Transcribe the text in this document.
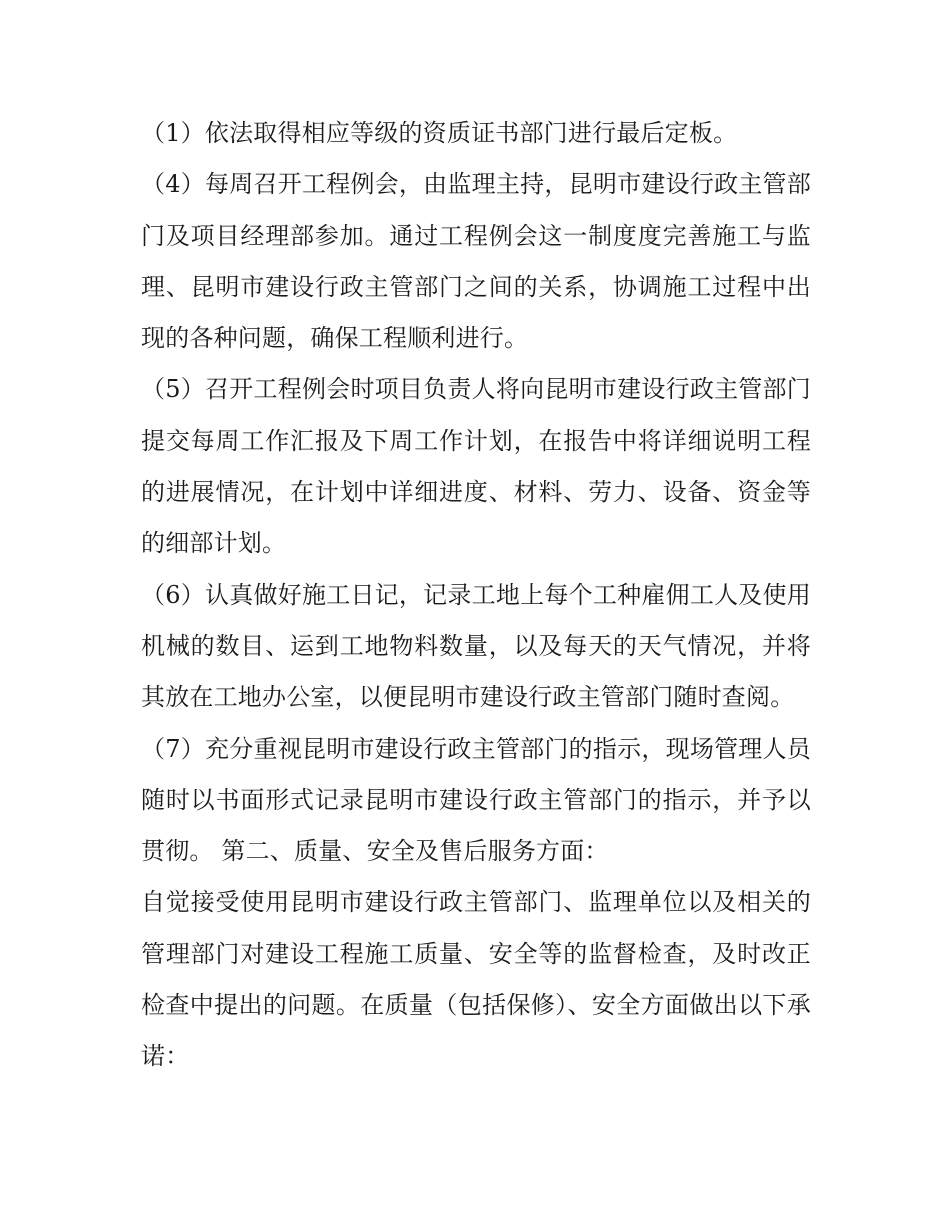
（1）依法取得相应等级的资质证书部门进行最后定板。

（4）每周召开工程例会，由监理主持，昆明市建设行政主管部门及项目经理部参加。通过工程例会这一制度度完善施工与监理、昆明市建设行政主管部门之间的关系，协调施工过程中出现的各种问题，确保工程顺利进行。

（5）召开工程例会时项目负责人将向昆明市建设行政主管部门提交每周工作汇报及下周工作计划，在报告中将详细说明工程的进展情况，在计划中详细进度、材料、劳力、设备、资金等的细部计划。

（6）认真做好施工日记，记录工地上每个工种雇佣工人及使用机械的数目、运到工地物料数量，以及每天的天气情况，并将其放在工地办公室，以便昆明市建设行政主管部门随时查阅。

（7）充分重视昆明市建设行政主管部门的指示，现场管理人员随时以书面形式记录昆明市建设行政主管部门的指示，并予以贯彻。 第二、质量、安全及售后服务方面：

自觉接受使用昆明市建设行政主管部门、监理单位以及相关的管理部门对建设工程施工质量、安全等的监督检查，及时改正检查中提出的问题。在质量（包括保修）、安全方面做出以下承诺：
